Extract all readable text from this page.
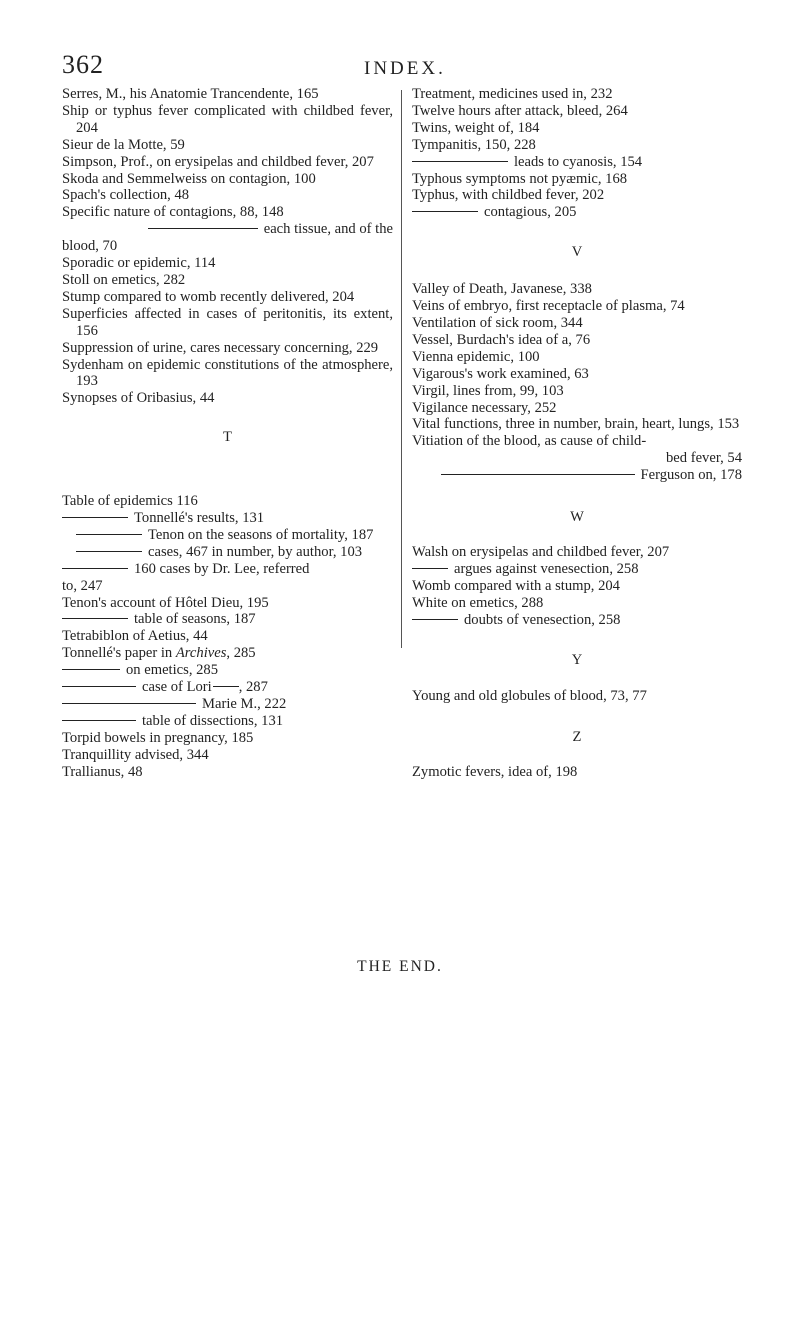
362	INDEX.

Serres, M., his Anatomie Trancendente, 165

Ship or typhus fever complicated with childbed fever, 204

Sieur de la Motte, 59

Simpson, Prof., on erysipelas and childbed fever, 207

Skoda and Semmelweiss on contagion, 100

Spach's collection, 48

Specific nature of contagions, 88, 148

each tissue, and of the

blood, 70

Sporadic or epidemic, 114

Stoll on emetics, 282

Stump compared to womb recently delivered, 204

Superficies affected in cases of peritonitis, its extent, 156

Suppression of urine, cares necessary concerning, 229

Sydenham on epidemic constitutions of the atmosphere, 193

Synopses of Oribasius, 44

T

Table of epidemics 116

Tonnellé's results, 131

Tenon on the seasons of mortality, 187

cases, 467 in number, by author, 103

160 cases by Dr. Lee, referred

to, 247

Tenon's account of Hôtel Dieu, 195

table of seasons, 187

Tetrabiblon of Aetius, 44

Tonnellé's paper in Archives, 285

on emetics, 285

case of Lori , 287

Marie M., 222

table of dissections, 131

Torpid bowels in pregnancy, 185

Tranquillity advised, 344

Trallianus, 48

Treatment, medicines used in, 232

Twelve hours after attack, bleed, 264

Twins, weight of, 184

Tympanitis, 150, 228

leads to cyanosis, 154

Typhous symptoms not pyæmic, 168

Typhus, with childbed fever, 202

contagious, 205

V

Valley of Death, Javanese, 338

Veins of embryo, first receptacle of plasma, 74

Ventilation of sick room, 344

Vessel, Burdach's idea of a, 76

Vienna epidemic, 100

Vigarous's work examined, 63

Virgil, lines from, 99, 103

Vigilance necessary, 252

Vital functions, three in number, brain, heart, lungs, 153

Vitiation of the blood, as cause of child-

bed fever, 54

Ferguson on, 178

W

Walsh on erysipelas and childbed fever, 207

argues against venesection, 258

Womb compared with a stump, 204

White on emetics, 288

doubts of venesection, 258

Y

Young and old globules of blood, 73, 77

Z

Zymotic fevers, idea of, 198

THE END.
